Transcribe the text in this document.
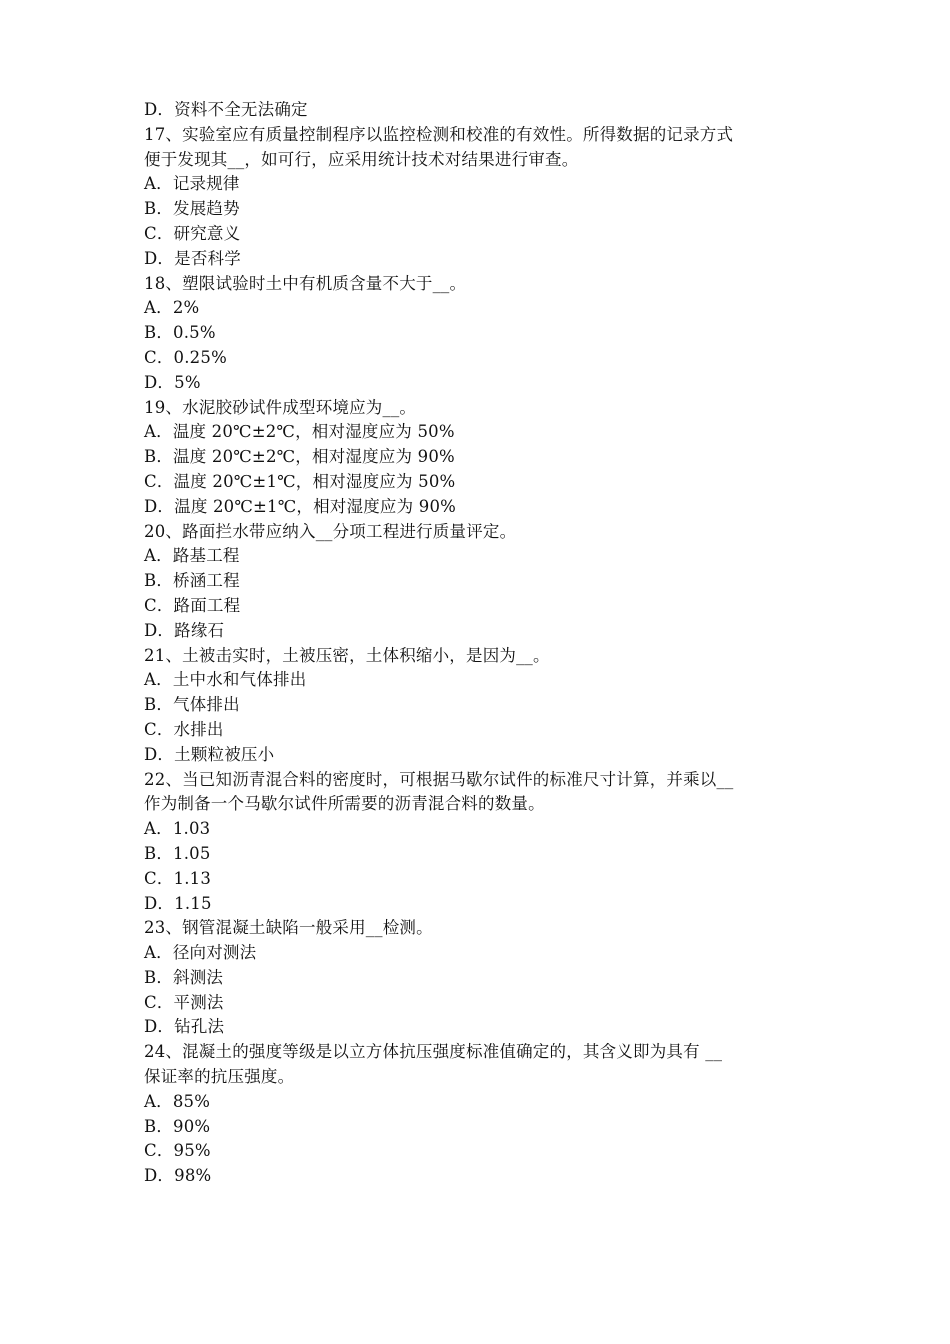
D．资料不全无法确定
17、实验室应有质量控制程序以监控检测和校准的有效性。所得数据的记录方式
便于发现其__，如可行，应采用统计技术对结果进行审查。
A．记录规律
B．发展趋势
C．研究意义
D．是否科学
18、塑限试验时土中有机质含量不大于__。
A．2%
B．0.5%
C．0.25%
D．5%
19、水泥胶砂试件成型环境应为__。
A．温度 20℃±2℃，相对湿度应为 50%
B．温度 20℃±2℃，相对湿度应为 90%
C．温度 20℃±1℃，相对湿度应为 50%
D．温度 20℃±1℃，相对湿度应为 90%
20、路面拦水带应纳入__分项工程进行质量评定。
A．路基工程
B．桥涵工程
C．路面工程
D．路缘石
21、土被击实时，土被压密，土体积缩小，是因为__。
A．土中水和气体排出
B．气体排出
C．水排出
D．土颗粒被压小
22、当已知沥青混合料的密度时，可根据马歇尔试件的标准尺寸计算，并乘以__
作为制备一个马歇尔试件所需要的沥青混合料的数量。
A．1.03
B．1.05
C．1.13
D．1.15
23、钢管混凝土缺陷一般采用__检测。
A．径向对测法
B．斜测法
C．平测法
D．钻孔法
24、混凝土的强度等级是以立方体抗压强度标准值确定的，其含义即为具有 __
保证率的抗压强度。
A．85%
B．90%
C．95%
D．98%
